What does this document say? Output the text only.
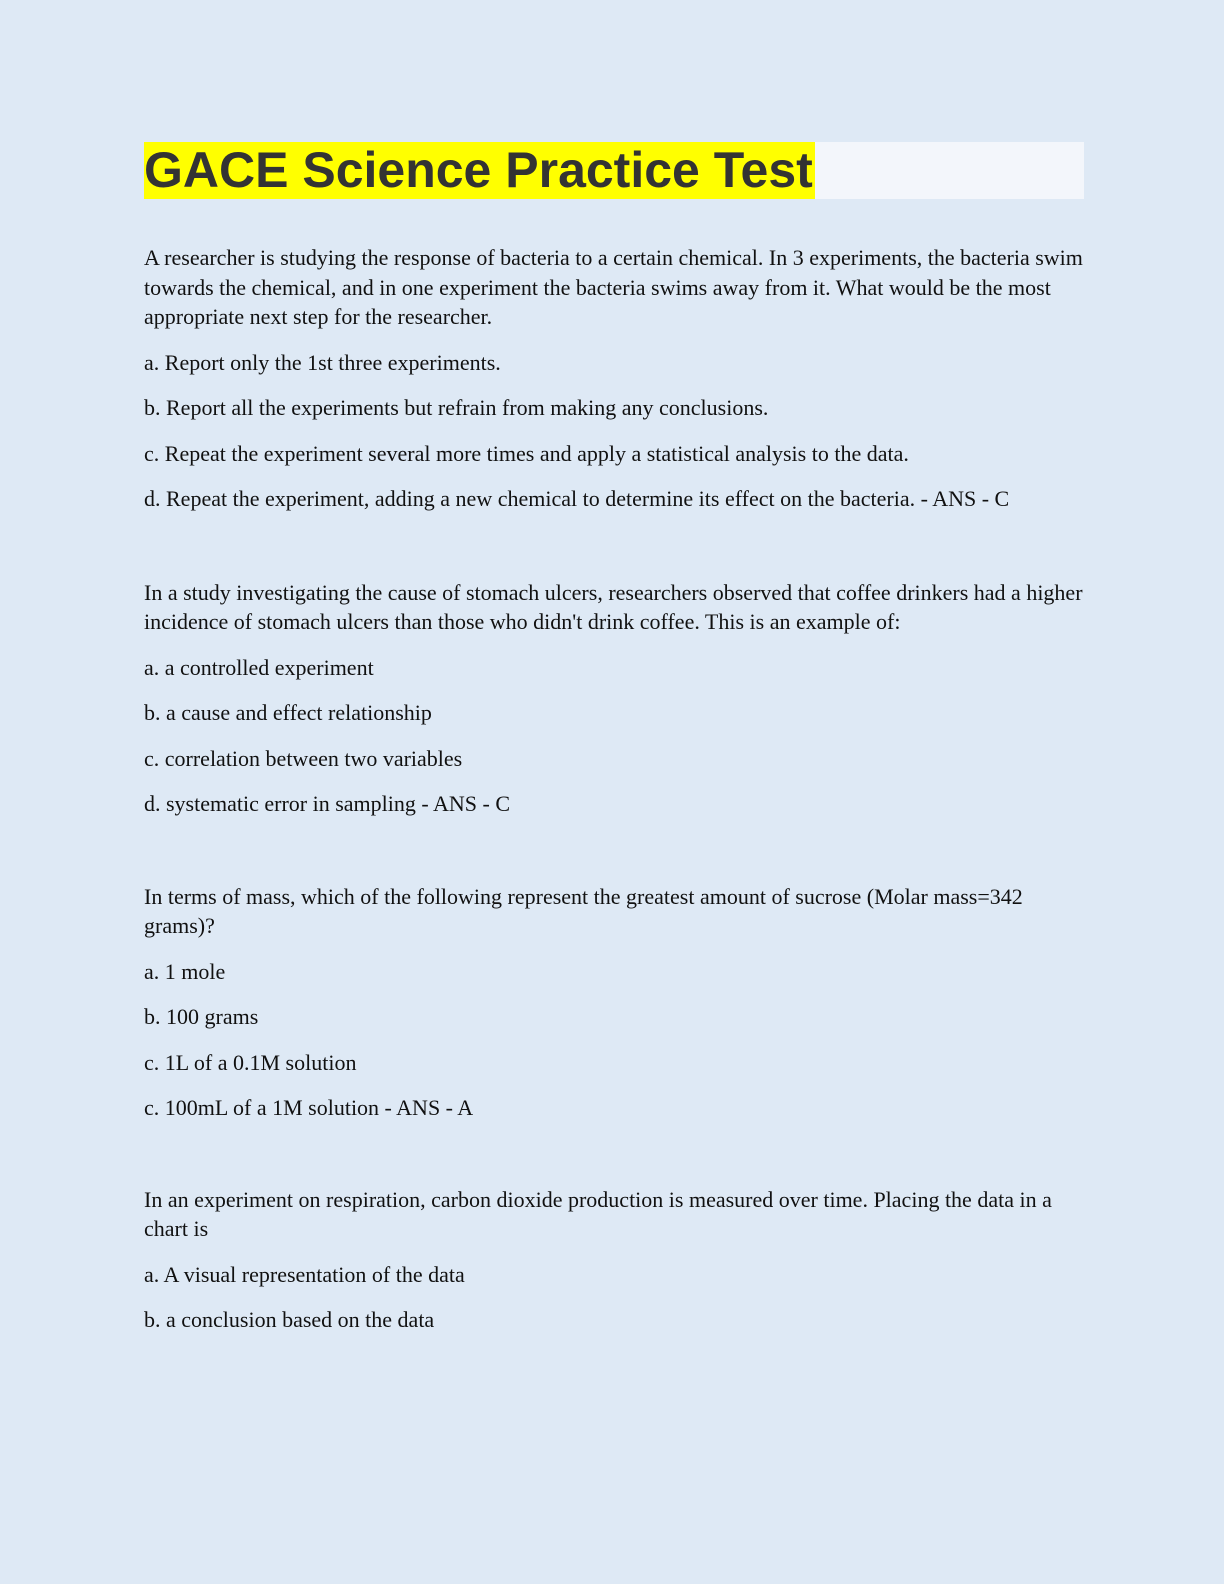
GACE Science Practice Test

A researcher is studying the response of bacteria to a certain chemical. In 3 experiments, the bacteria swim towards the chemical, and in one experiment the bacteria swims away from it. What would be the most appropriate next step for the researcher.

a. Report only the 1st three experiments.

b. Report all the experiments but refrain from making any conclusions.

c. Repeat the experiment several more times and apply a statistical analysis to the data.

d. Repeat the experiment, adding a new chemical to determine its effect on the bacteria. - ANS - C

In a study investigating the cause of stomach ulcers, researchers observed that coffee drinkers had a higher incidence of stomach ulcers than those who didn't drink coffee. This is an example of:

a. a controlled experiment

b. a cause and effect relationship

c. correlation between two variables

d. systematic error in sampling - ANS - C

In terms of mass, which of the following represent the greatest amount of sucrose (Molar mass=342 grams)?

a. 1 mole

b. 100 grams

c. 1L of a 0.1M solution

c. 100mL of a 1M solution - ANS - A

In an experiment on respiration, carbon dioxide production is measured over time. Placing the data in a chart is

a. A visual representation of the data

b. a conclusion based on the data
